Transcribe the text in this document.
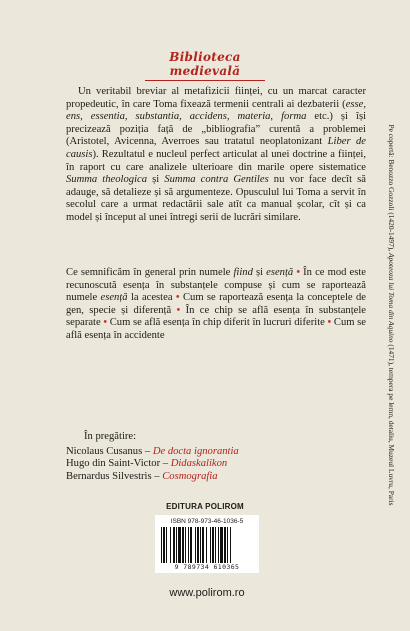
Biblioteca medievală

Un veritabil breviar al metafizicii ființei, cu un marcat caracter propedeutic, în care Toma fixează termenii centrali ai dezbaterii (esse, ens, essentia, substantia, accidens, materia, forma etc.) și își precizează poziția față de „bibliografia” curentă a problemei (Aristotel, Avicenna, Averroes sau tratatul neoplatonizant Liber de causis). Rezultatul e nucleul perfect articulat al unei doctrine a ființei, în raport cu care analizele ulterioare din marile opere sistematice Summa theologica și Summa contra Gentiles nu vor face decît să adauge, să detalieze și să argumenteze. Opusculul lui Toma a servit în secolul care a urmat redactării sale atît ca manual școlar, cît și ca model și început al unei întregi serii de lucrări similare.

Ce semnificăm în general prin numele fiind și esență • În ce mod este recunoscută esența în substanțele compuse și cum se raportează numele esență la acestea • Cum se raportează esența la conceptele de gen, specie și diferență • În ce chip se află esența în substanțele separate • Cum se află esența în chip diferit în lucruri diferite • Cum se află esența în accidente

În pregătire:
Nicolaus Cusanus – De docta ignorantia
Hugo din Saint-Victor – Didaskalikon
Bernardus Silvestris – Cosmografia
EDITURA POLIROM
ISBN 978-973-46-1036-5
9 789734 610365
www.polirom.ro
Pe copertă: Benozzo Gozzoli (1420-1497), Apoteoza lui Toma din Aquino (1471), tempera pe lemn, detaliu, Muzeul Luvru, Paris
